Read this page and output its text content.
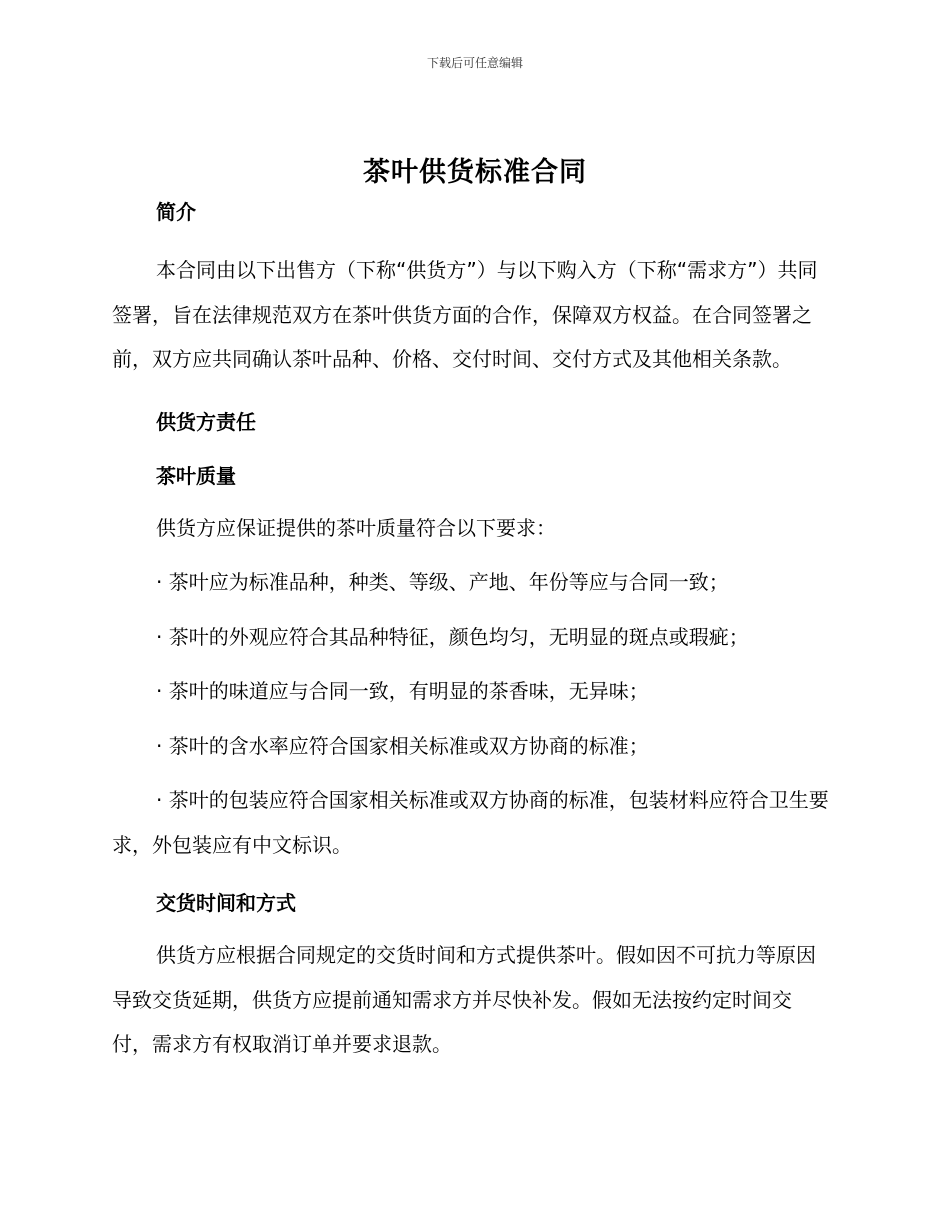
下载后可任意编辑
茶叶供货标准合同

简介

本合同由以下出售方（下称“供货方”）与以下购入方（下称“需求方”）共同签署，旨在法律规范双方在茶叶供货方面的合作，保障双方权益。在合同签署之前，双方应共同确认茶叶品种、价格、交付时间、交付方式及其他相关条款。

供货方责任

茶叶质量

供货方应保证提供的茶叶质量符合以下要求：

· 茶叶应为标准品种，种类、等级、产地、年份等应与合同一致；

· 茶叶的外观应符合其品种特征，颜色均匀，无明显的斑点或瑕疵；

· 茶叶的味道应与合同一致，有明显的茶香味，无异味；

· 茶叶的含水率应符合国家相关标准或双方协商的标准；

· 茶叶的包装应符合国家相关标准或双方协商的标准，包装材料应符合卫生要求，外包装应有中文标识。

交货时间和方式

供货方应根据合同规定的交货时间和方式提供茶叶。假如因不可抗力等原因导致交货延期，供货方应提前通知需求方并尽快补发。假如无法按约定时间交付，需求方有权取消订单并要求退款。
